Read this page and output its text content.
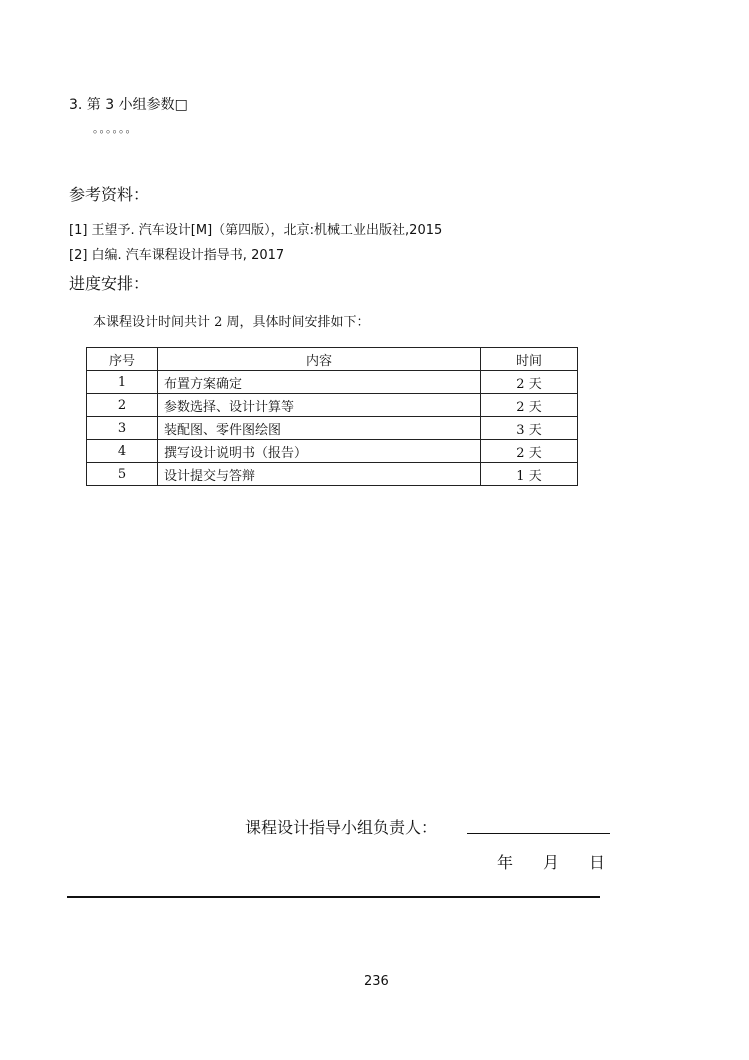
3. 第 3 小组参数□
。。。。。。
参考资料：
[1] 王望予. 汽车设计[M]（第四版），北京:机械工业出版社,2015
[2] 白编. 汽车课程设计指导书, 2017
进度安排：
本课程设计时间共计 2 周，具体时间安排如下：
序号	内容	时间
1	布置方案确定	2 天
2	参数选择、设计计算等	2 天
3	装配图、零件图绘图	3 天
4	撰写设计说明书（报告）	2 天
5	设计提交与答辩	1 天
课程设计指导小组负责人：
年 月 日
236
